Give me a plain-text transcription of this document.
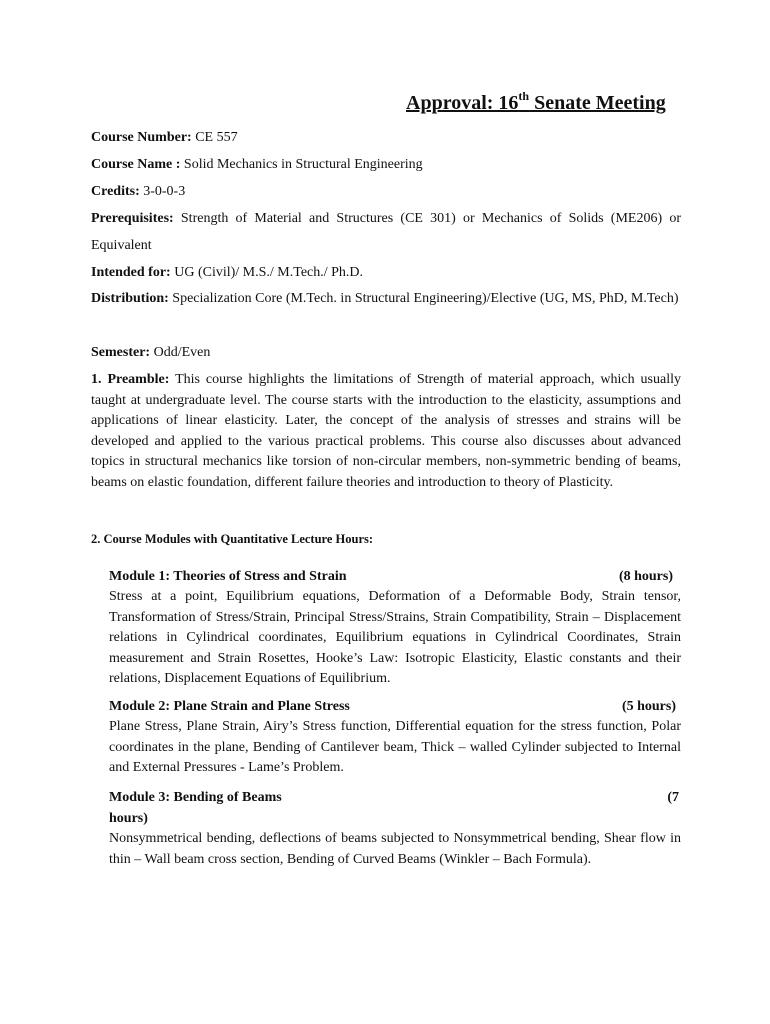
Approval: 16th Senate Meeting

Course Number: CE 557

Course Name : Solid Mechanics in Structural Engineering

Credits: 3-0-0-3

Prerequisites: Strength of Material and Structures (CE 301) or Mechanics of Solids (ME206) or Equivalent

Intended for: UG (Civil)/ M.S./ M.Tech./ Ph.D.

Distribution: Specialization Core (M.Tech. in Structural Engineering)/Elective (UG, MS, PhD, M.Tech)

Semester: Odd/Even

1. Preamble: This course highlights the limitations of Strength of material approach, which usually taught at undergraduate level. The course starts with the introduction to the elasticity, assumptions and applications of linear elasticity. Later, the concept of the analysis of stresses and strains will be developed and applied to the various practical problems. This course also discusses about advanced topics in structural mechanics like torsion of non-circular members, non-symmetric bending of beams, beams on elastic foundation, different failure theories and introduction to theory of Plasticity.

2. Course Modules with Quantitative Lecture Hours:

Module 1: Theories of Stress and Strain	(8 hours)

Stress at a point, Equilibrium equations, Deformation of a Deformable Body, Strain tensor, Transformation of Stress/Strain, Principal Stress/Strains, Strain Compatibility, Strain – Displacement relations in Cylindrical coordinates, Equilibrium equations in Cylindrical Coordinates, Strain measurement and Strain Rosettes, Hooke’s Law: Isotropic Elasticity, Elastic constants and their relations, Displacement Equations of Equilibrium.

Module 2: Plane Strain and Plane Stress	(5 hours)

Plane Stress, Plane Strain, Airy’s Stress function, Differential equation for the stress function, Polar coordinates in the plane, Bending of Cantilever beam, Thick – walled Cylinder subjected to Internal and External Pressures - Lame’s Problem.

Module 3: Bending of Beams	(7
hours)

Nonsymmetrical bending, deflections of beams subjected to Nonsymmetrical bending, Shear flow in thin – Wall beam cross section, Bending of Curved Beams (Winkler – Bach Formula).
